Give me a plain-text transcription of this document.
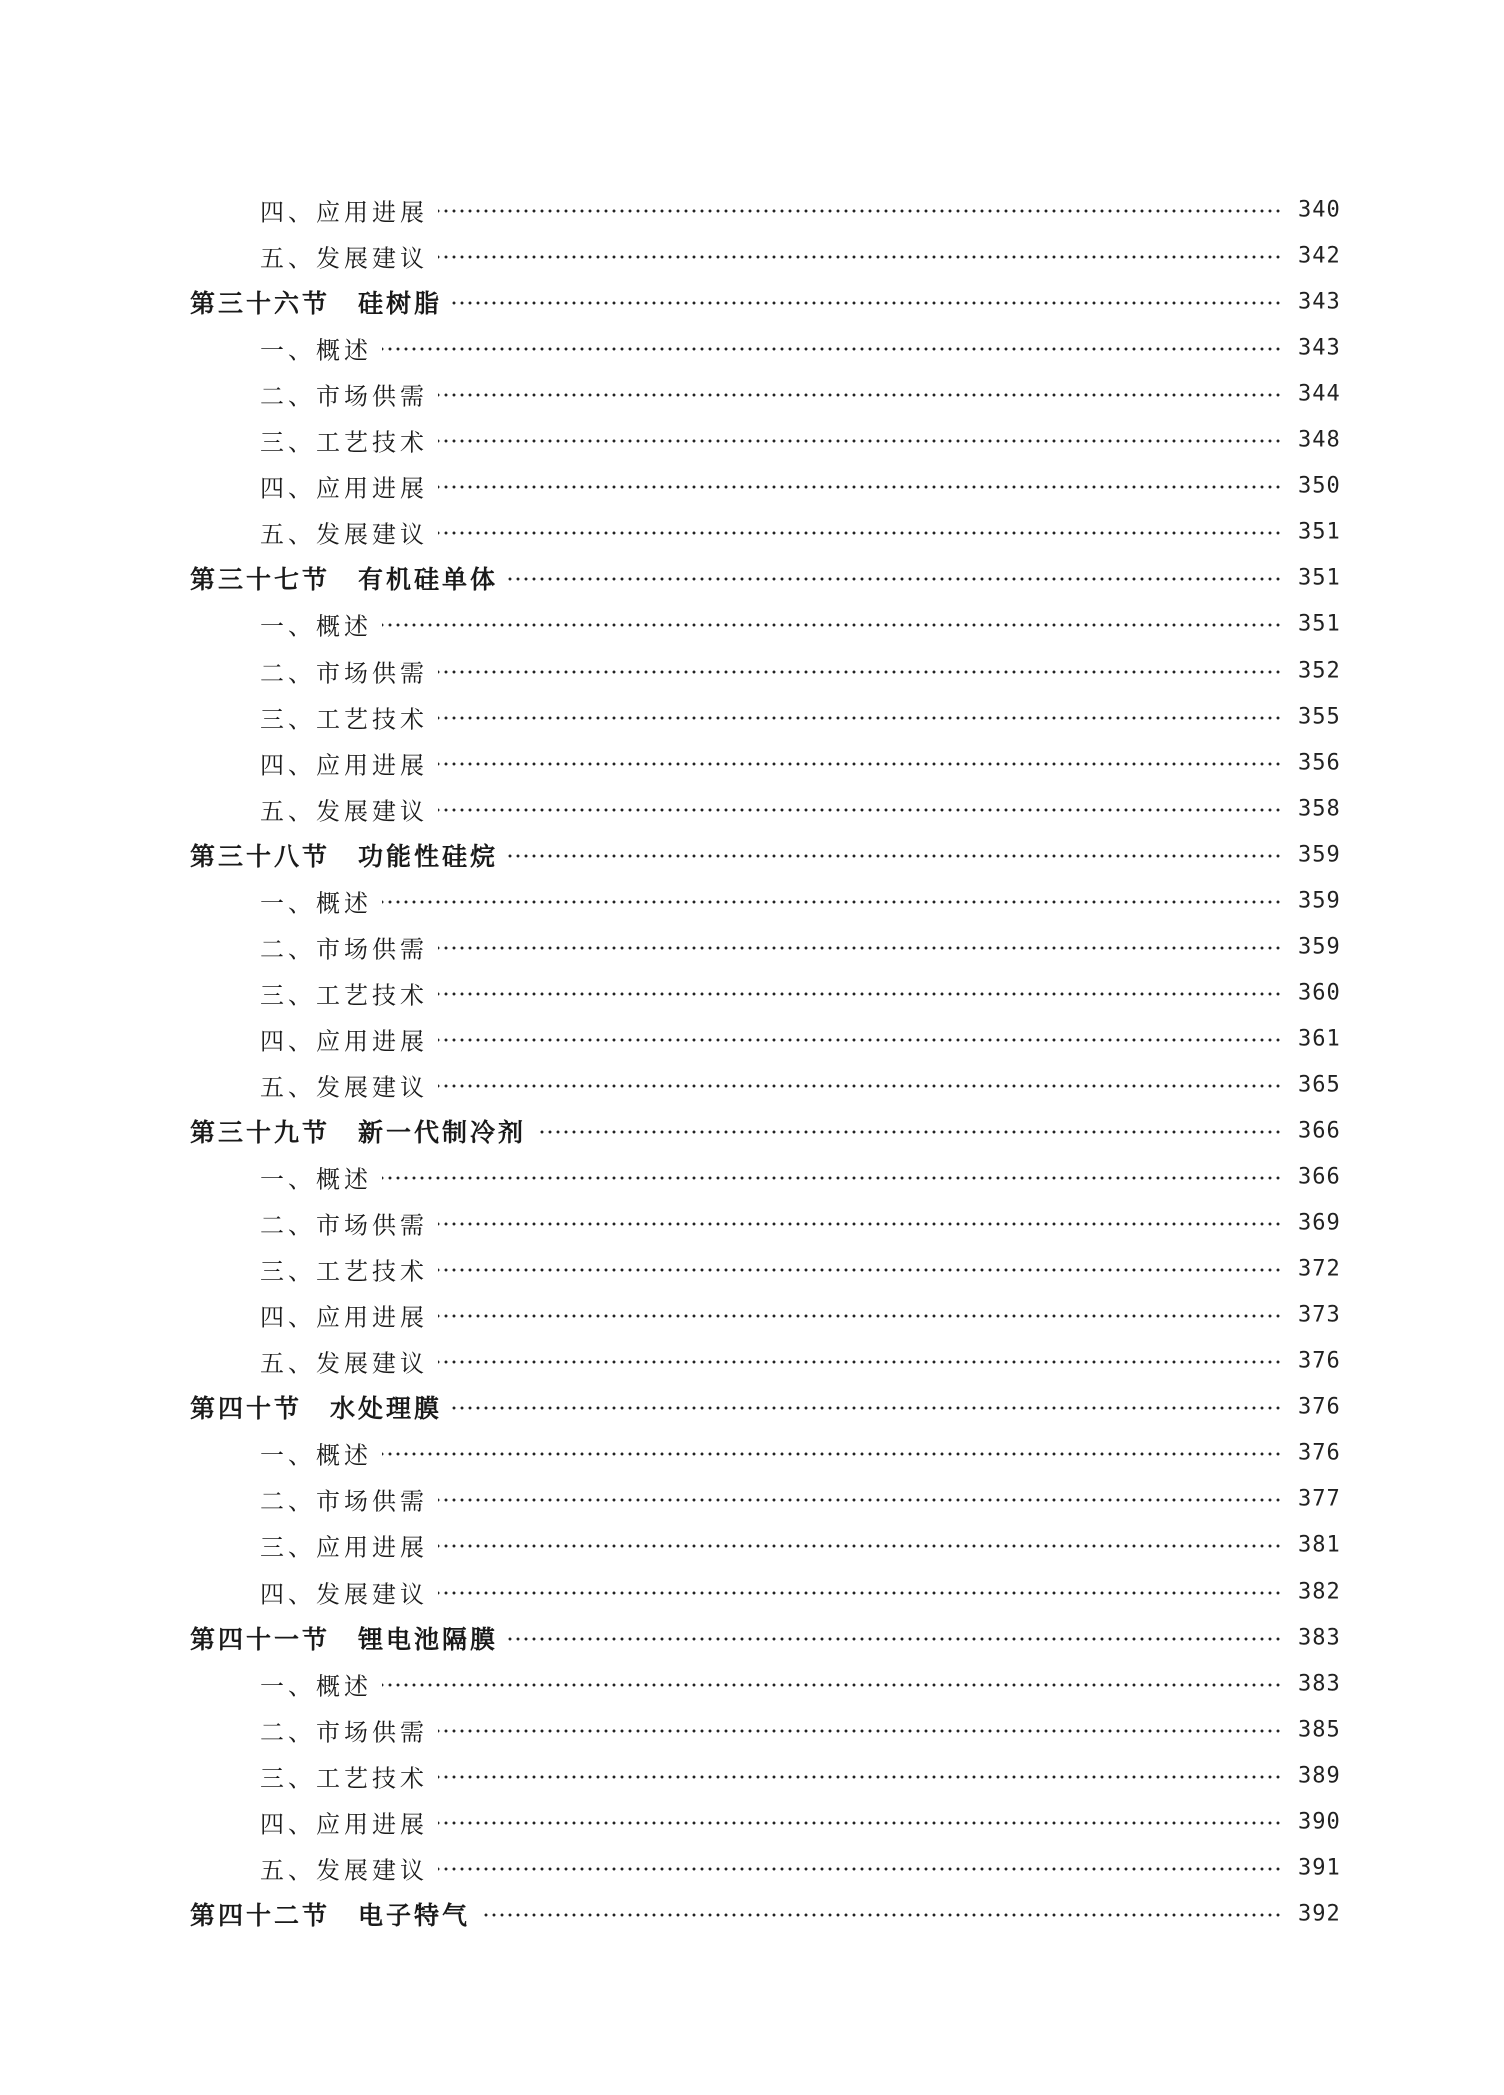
四、应用进展	340
五、发展建议	342
第三十六节　硅树脂	343
一、概述	343
二、市场供需	344
三、工艺技术	348
四、应用进展	350
五、发展建议	351
第三十七节　有机硅单体	351
一、概述	351
二、市场供需	352
三、工艺技术	355
四、应用进展	356
五、发展建议	358
第三十八节　功能性硅烷	359
一、概述	359
二、市场供需	359
三、工艺技术	360
四、应用进展	361
五、发展建议	365
第三十九节　新一代制冷剂	366
一、概述	366
二、市场供需	369
三、工艺技术	372
四、应用进展	373
五、发展建议	376
第四十节　水处理膜	376
一、概述	376
二、市场供需	377
三、应用进展	381
四、发展建议	382
第四十一节　锂电池隔膜	383
一、概述	383
二、市场供需	385
三、工艺技术	389
四、应用进展	390
五、发展建议	391
第四十二节　电子特气	392
